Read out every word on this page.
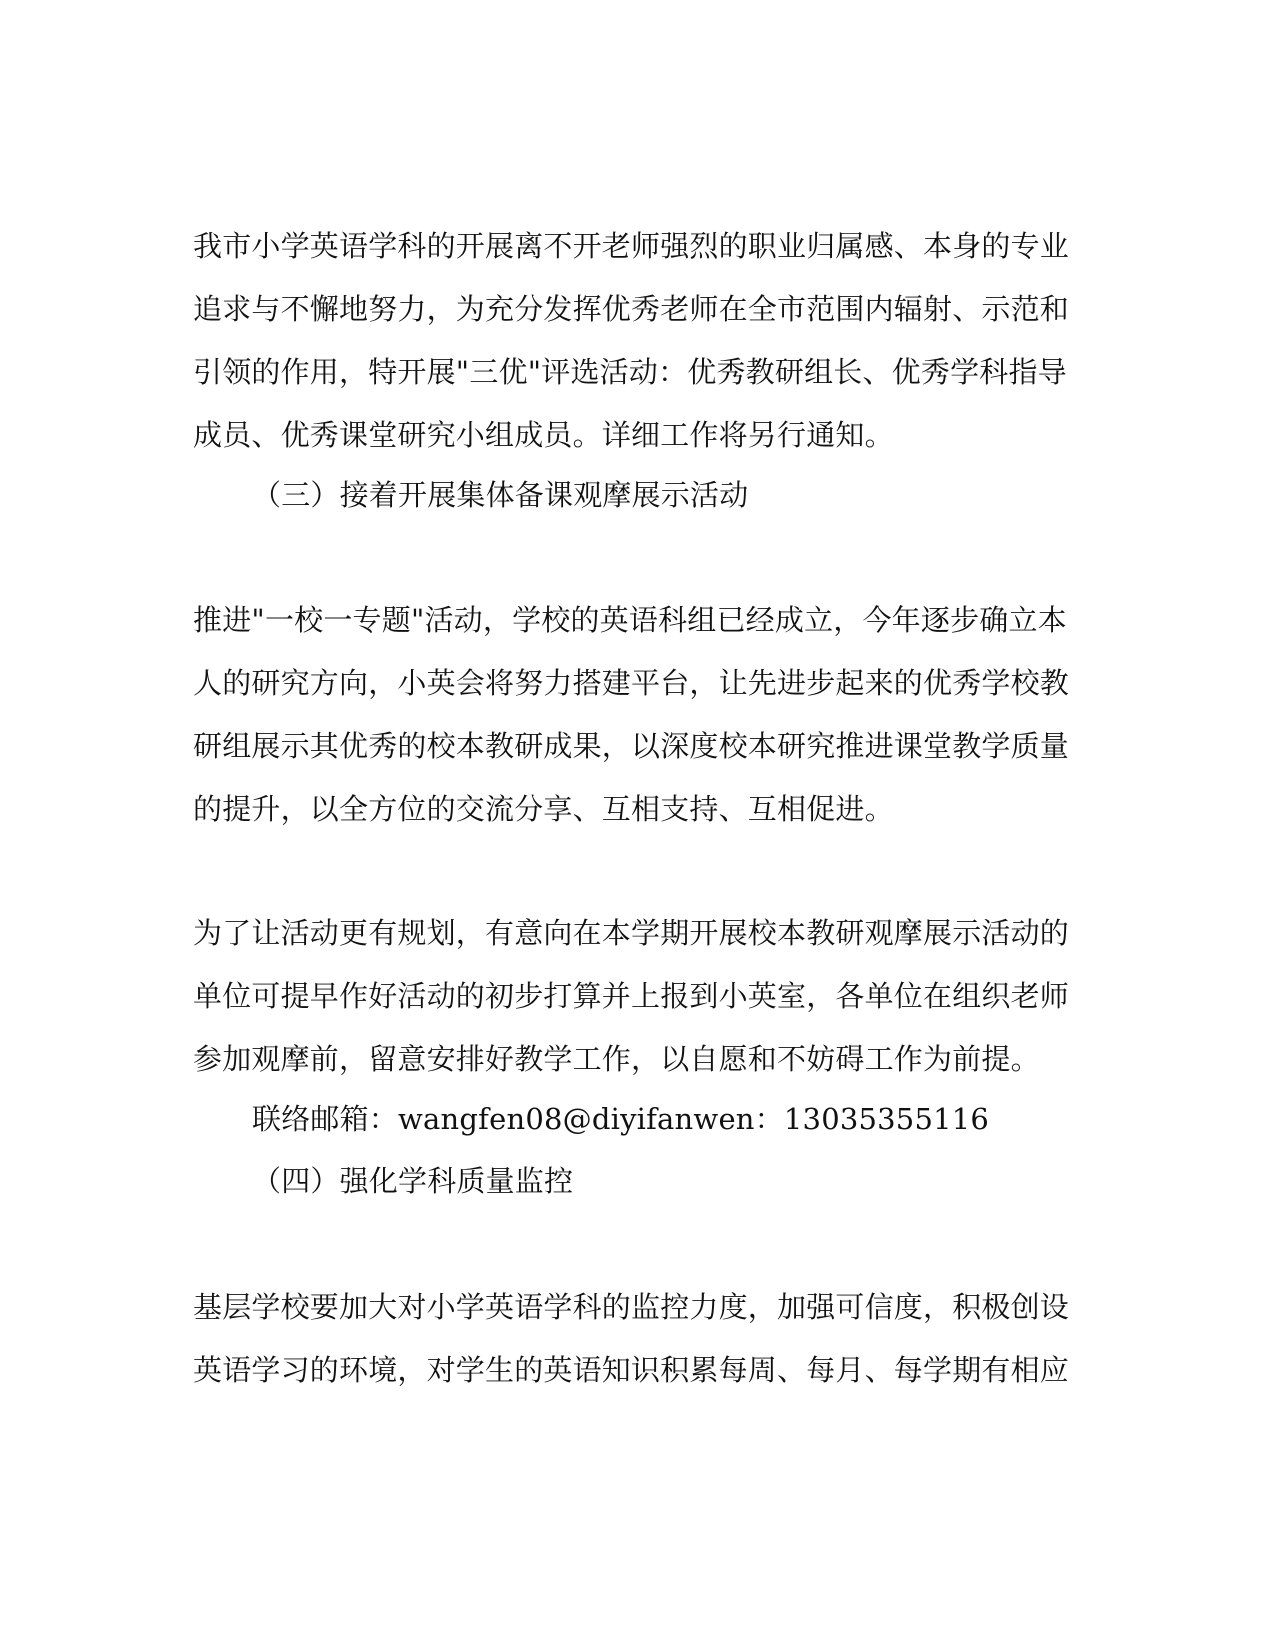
我市小学英语学科的开展离不开老师强烈的职业归属感、本身的专业
追求与不懈地努力，为充分发挥优秀老师在全市范围内辐射、示范和
引领的作用，特开展"三优"评选活动：优秀教研组长、优秀学科指导
成员、优秀课堂研究小组成员。详细工作将另行通知。
（三）接着开展集体备课观摩展示活动
推进"一校一专题"活动，学校的英语科组已经成立，今年逐步确立本
人的研究方向，小英会将努力搭建平台，让先进步起来的优秀学校教
研组展示其优秀的校本教研成果，以深度校本研究推进课堂教学质量
的提升，以全方位的交流分享、互相支持、互相促进。
为了让活动更有规划，有意向在本学期开展校本教研观摩展示活动的
单位可提早作好活动的初步打算并上报到小英室，各单位在组织老师
参加观摩前，留意安排好教学工作，以自愿和不妨碍工作为前提。
联络邮箱：wangfen08@diyifanwen：13035355116
（四）强化学科质量监控
基层学校要加大对小学英语学科的监控力度，加强可信度，积极创设
英语学习的环境，对学生的英语知识积累每周、每月、每学期有相应
